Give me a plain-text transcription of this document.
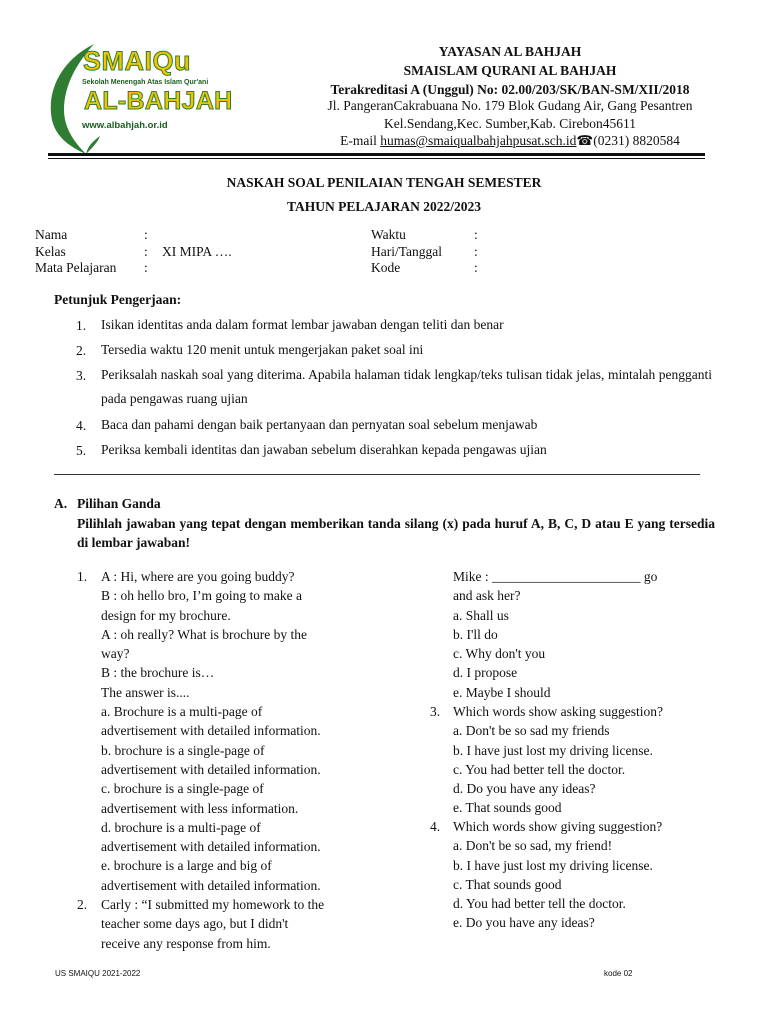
SMAIQu
Sekolah Menengah Atas Islam Qur'ani
AL-BAHJAH
www.albahjah.or.id
YAYASAN AL BAHJAH
SMAISLAM QURANI AL BAHJAH
Terakreditasi A (Unggul) No: 02.00/203/SK/BAN-SM/XII/2018
Jl. PangeranCakrabuana No. 179 Blok Gudang Air, Gang Pesantren
Kel.Sendang,Kec. Sumber,Kab. Cirebon45611
E-mail humas@smaiqualbahjahpusat.sch.id☎(0231) 8820584
NASKAH SOAL PENILAIAN TENGAH SEMESTER
TAHUN PELAJARAN 2022/2023
Nama	:
Kelas	: XI MIPA ….
Mata Pelajaran :
Waktu	:
Hari/Tanggal :
Kode	:
Petunjuk Pengerjaan:
1. Isikan identitas anda dalam format lembar jawaban dengan teliti dan benar
2. Tersedia waktu 120 menit untuk mengerjakan paket soal ini
3. Periksalah naskah soal yang diterima. Apabila halaman tidak lengkap/teks tulisan tidak jelas, mintalah pengganti pada pengawas ruang ujian
4. Baca dan pahami dengan baik pertanyaan dan pernyatan soal sebelum menjawab
5. Periksa kembali identitas dan jawaban sebelum diserahkan kepada pengawas ujian
A. Pilihan Ganda
Pilihlah jawaban yang tepat dengan memberikan tanda silang (x) pada huruf A, B, C, D atau E yang tersedia di lembar jawaban!
1. A : Hi, where are you going buddy?
B : oh hello bro, I’m going to make a
design for my brochure.
A : oh really? What is brochure by the
way?
B : the brochure is…
The answer is....
a. Brochure is a multi-page of
advertisement with detailed information.
b. brochure is a single-page of
advertisement with detailed information.
c. brochure is a single-page of
advertisement with less information.
d. brochure is a multi-page of
advertisement with detailed information.
e. brochure is a large and big of
advertisement with detailed information.
2. Carly : “I submitted my homework to the
teacher some days ago, but I didn't
receive any response from him.
Mike : ______________________ go
and ask her?
a. Shall us
b. I'll do
c. Why don't you
d. I propose
e. Maybe I should
3. Which words show asking suggestion?
a. Don't be so sad my friends
b. I have just lost my driving license.
c. You had better tell the doctor.
d. Do you have any ideas?
e. That sounds good
4. Which words show giving suggestion?
a. Don't be so sad, my friend!
b. I have just lost my driving license.
c. That sounds good
d. You had better tell the doctor.
e. Do you have any ideas?
US SMAIQU 2021-2022	kode 02
